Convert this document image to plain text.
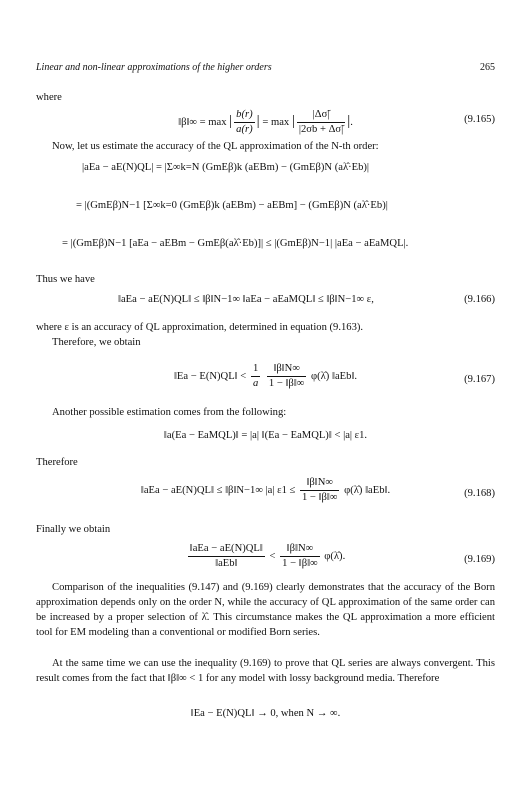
Linear and non-linear approximations of the higher orders	265
where
‖β‖∞ = max | $\frac{b(r)}{a(r)}$ | = max | $\frac{|\Delta\sigmã|}{|2\sigma b + \Delta\sigmã|}$ |.	(9.165)
Now, let us estimate the accuracy of the QL approximation of the N-th order:
|aEa − aE(N)QL| = |Σ∞k=N (GmEβ)k (aEBm) − (GmEβ)N (aλ̂·Eb)|
= |(GmEβ)N−1 [Σ∞k=0 (GmEβ)k (aEBm) − aEBm] − (GmEβ)N (aλ̂·Eb)|
= |(GmEβ)N−1 [aEa − aEBm − GmEβ(aλ̂·Eb)]| ≤ |(GmEβ)N−1| |aEa − aEaMQL|.
Thus we have
‖aEa − aE(N)QL‖ ≤ ‖β‖N−1∞ ‖aEa − aEaMQL‖ ≤ ‖β‖N−1∞ ε,	(9.166)
where ε is an accuracy of QL approximation, determined in equation (9.163).
Therefore, we obtain
‖Ea − E(N)QL‖ < $\frac{1}{a}$
$\frac{‖\beta‖N\infty}{1 - ‖\beta‖\infty}$ φ(λ̂) ‖aEb‖.	(9.167)
Another possible estimation comes from the following:
‖a(Ea − EaMQL)‖ = |a| ‖(Ea − EaMQL)‖ < |a| ε1.
Therefore
‖aEa − aE(N)QL‖ ≤ ‖β‖N−1∞ |a| $\varepsilon 1 \le \frac{‖\beta‖N\infty}{1 - ‖\beta‖\infty}$ φ(λ̂) ‖aEb‖.	(9.168)
Finally we obtain
$\frac{\text{‖aEa − aE(N)QL‖}}{\text{‖aEb‖}} < \frac{‖\beta‖N\infty}{1 - ‖\beta‖\infty}$ φ(λ̂).	(9.169)
Comparison of the inequalities (9.147) and (9.169) clearly demonstrates that the accuracy of the Born approximation depends only on the order N, while the accuracy of QL approximation of the same order can be increased by a proper selection of λ̂. This circumstance makes the QL approximation a more efficient tool for EM modeling than a conventional or modified Born series.
At the same time we can use the inequality (9.169) to prove that QL series are always convergent. This result comes from the fact that ‖β‖∞ < 1 for any model with lossy background media. Therefore
‖Ea − E(N)QL‖ → 0, when N → ∞.
